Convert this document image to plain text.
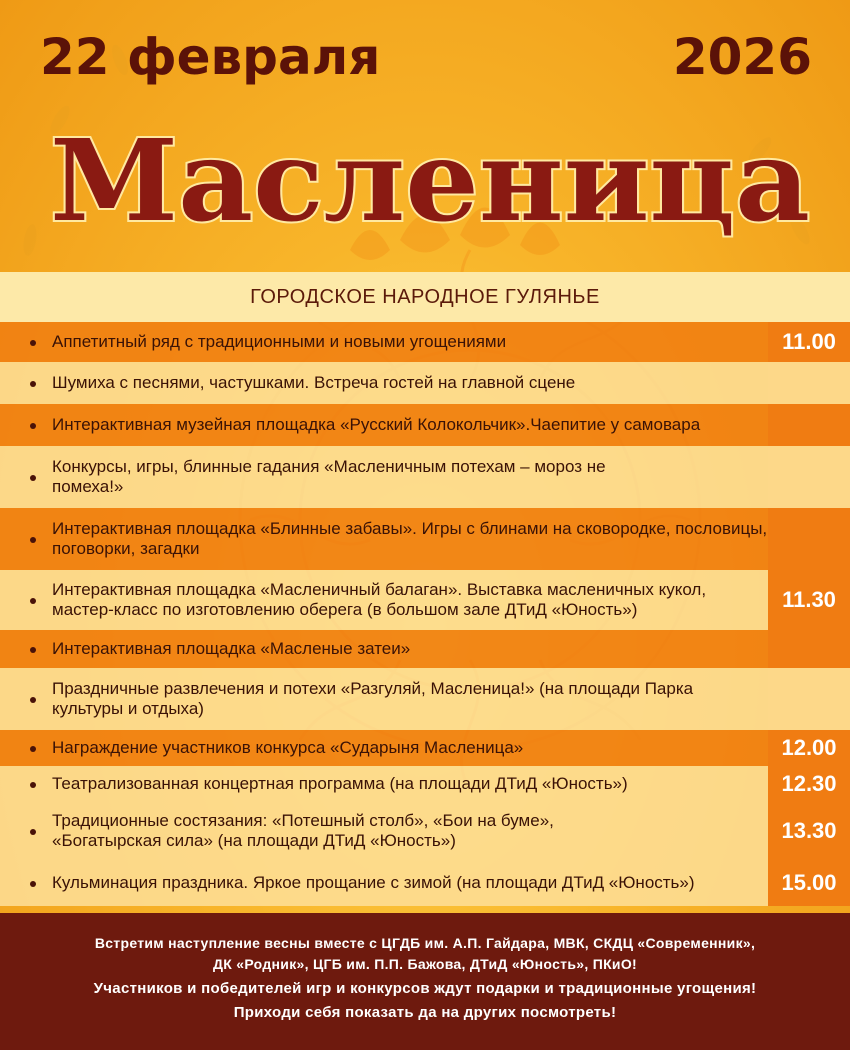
22 февраля	2026
Масленица
ГОРОДСКОЕ НАРОДНОЕ ГУЛЯНЬЕ
Аппетитный ряд с традиционными и новыми угощениями	11.00
Шумиха с песнями, частушками. Встреча гостей на главной сцене
Интерактивная музейная площадка «Русский Колокольчик».Чаепитие у самовара
Конкурсы, игры, блинные гадания «Масленичным потехам – мороз не помеха!»
Интерактивная площадка «Блинные забавы». Игры с блинами на сковородке, пословицы, поговорки, загадки
Интерактивная площадка «Масленичный балаган». Выставка масленичных кукол, мастер-класс по изготовлению оберега (в большом зале ДТиД «Юность»)	11.30
Интерактивная площадка «Масленые затеи»
Праздничные развлечения и потехи «Разгуляй, Масленица!» (на площади Парка культуры и отдыха)
Награждение участников конкурса «Сударыня Масленица»	12.00
Театрализованная концертная программа (на площади ДТиД «Юность»)	12.30
Традиционные состязания: «Потешный столб», «Бои на буме», «Богатырская сила» (на площади ДТиД «Юность»)	13.30
Кульминация праздника. Яркое прощание с зимой (на площади ДТиД «Юность»)	15.00
Встретим наступление весны вместе с ЦГДБ им. А.П. Гайдара, МВК, СКДЦ «Современник»,
ДК «Родник», ЦГБ им. П.П. Бажова, ДТиД «Юность», ПКиО!
Участников и победителей игр и конкурсов ждут подарки и традиционные угощения!
Приходи себя показать да на других посмотреть!
